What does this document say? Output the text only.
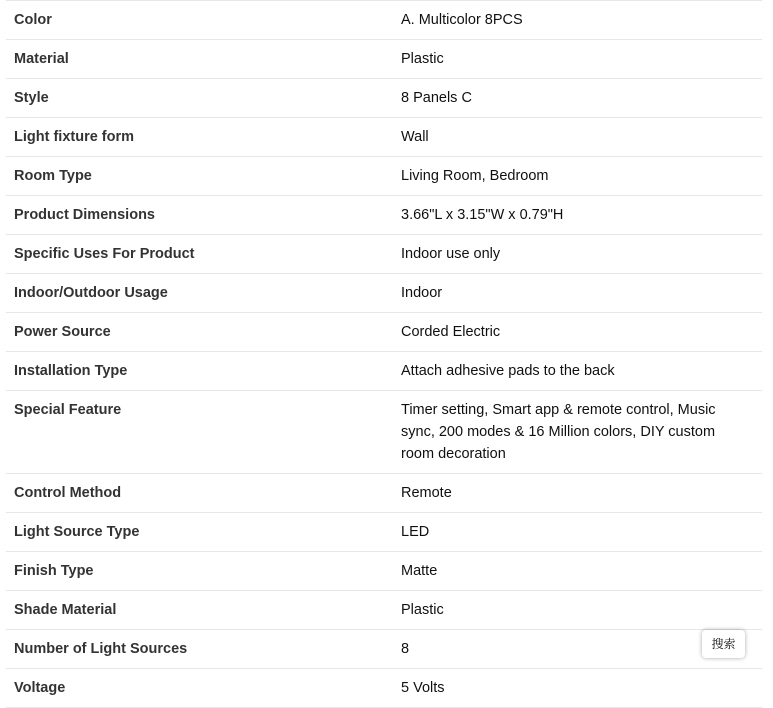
Color	A. Multicolor 8PCS

Material	Plastic

Style	8 Panels C

Light fixture form	Wall

Room Type	Living Room, Bedroom

Product Dimensions	3.66"L x 3.15"W x 0.79"H

Specific Uses For Product	Indoor use only

Indoor/Outdoor Usage	Indoor

Power Source	Corded Electric

Installation Type	Attach adhesive pads to the back

Special Feature	Timer setting, Smart app & remote control, Music sync, 200 modes & 16 Million colors, DIY custom room decoration

Control Method	Remote

Light Source Type	LED

Finish Type	Matte

Shade Material	Plastic

Number of Light Sources	8

Voltage	5 Volts
搜索
